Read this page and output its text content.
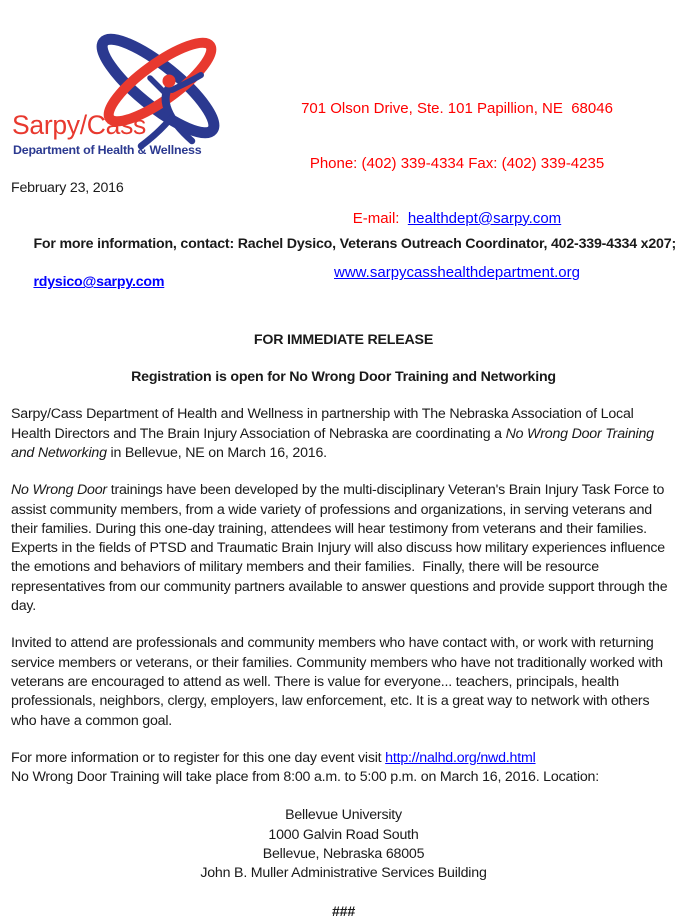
Sarpy/Cass
Department of Health & Wellness

701 Olson Drive, Ste. 101 Papillion, NE  68046

Phone: (402) 339-4334 Fax: (402) 339-4235

E-mail:  healthdept@sarpy.com

www.sarpycasshealthdepartment.org

February 23, 2016

For more information, contact: Rachel Dysico, Veterans Outreach Coordinator, 402-339-4334 x207;

rdysico@sarpy.com

FOR IMMEDIATE RELEASE
Registration is open for No Wrong Door Training and Networking

Sarpy/Cass Department of Health and Wellness in partnership with The Nebraska Association of Local Health Directors and The Brain Injury Association of Nebraska are coordinating a No Wrong Door Training and Networking in Bellevue, NE on March 16, 2016.

No Wrong Door trainings have been developed by the multi-disciplinary Veteran's Brain Injury Task Force to assist community members, from a wide variety of professions and organizations, in serving veterans and their families. During this one-day training, attendees will hear testimony from veterans and their families. Experts in the fields of PTSD and Traumatic Brain Injury will also discuss how military experiences influence the emotions and behaviors of military members and their families.  Finally, there will be resource representatives from our community partners available to answer questions and provide support through the day.

Invited to attend are professionals and community members who have contact with, or work with returning service members or veterans, or their families. Community members who have not traditionally worked with veterans are encouraged to attend as well. There is value for everyone... teachers, principals, health professionals, neighbors, clergy, employers, law enforcement, etc. It is a great way to network with others who have a common goal.

For more information or to register for this one day event visit http://nalhd.org/nwd.html
No Wrong Door Training will take place from 8:00 a.m. to 5:00 p.m. on March 16, 2016. Location:

Bellevue University
1000 Galvin Road South
Bellevue, Nebraska 68005
John B. Muller Administrative Services Building
###
